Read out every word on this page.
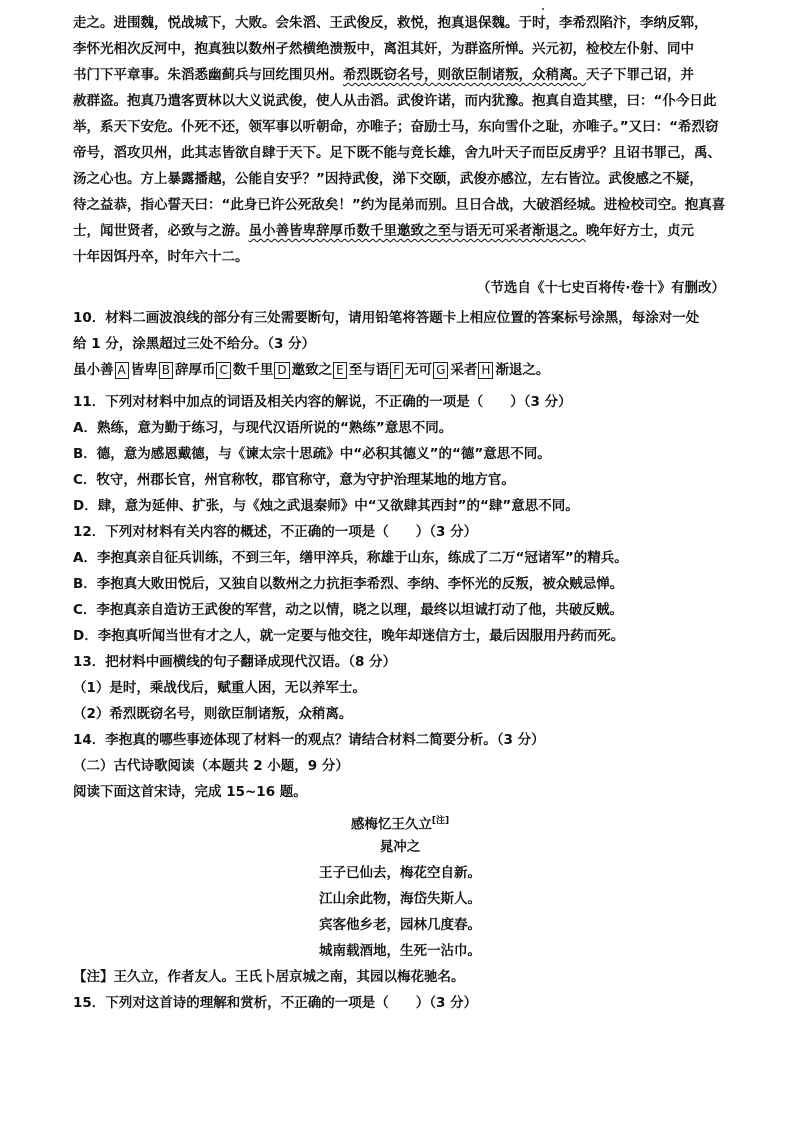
走之。进围魏，悦战城下，大败。会朱滔、王武俊反，救悦，抱真退保魏。于时，李希烈陷汴，李纳反郓，
李怀光相次反河中，抱真独以数州孑然横绝溃叛中，离沮其奸，为群盗所惮。兴元初，检校左仆射、同中
书门下平章事。朱滔悉幽蓟兵与回纥围贝州。希烈既窃名号，则欲臣制诸叛，众稍离。天子下罪己诏，并
赦群盗。抱真乃遣客贾林以大义说武俊，使人从击滔。武俊许诺，而内犹豫。抱真自造其壁，曰：“仆今日此
举，系天下安危。仆死不还，领军事以听朝命，亦唯子；奋励士马，东向雪仆之耻，亦唯子。”又曰：“希烈窃
帝号，滔攻贝州，此其志皆欲自肆于天下。足下既不能与竞长雄，舍九叶天子而臣反虏乎？且诏书罪己，禹、
汤之心也。方上暴露播越，公能自安乎？”因持武俊，涕下交颐，武俊亦感泣，左右皆泣。武俊感之不疑，
待之益恭，指心誓天曰：“此身已许公死敌矣！”约为昆弟而别。旦日合战，大破滔经城。进检校司空。抱真喜
士，闻世贤者，必致与之游。虽小善皆卑辞厚币数千里邀致之至与语无可采者渐退之。晚年好方士，贞元
十年因饵丹卒，时年六十二。
（节选自《十七史百将传·卷十》有删改）
10．材料二画波浪线的部分有三处需要断句，请用铅笔将答题卡上相应位置的答案标号涂黑，每涂对一处
给 1 分，涂黑超过三处不给分。（3 分）
虽小善 A 皆卑 B 辞厚币 C 数千里 D 邀致之 E 至与语 F 无可 G 采者 H 渐退之。
11．下列对材料中加点的词语及相关内容的解说，不正确的一项是（　　）（3 分）
A．熟练，意为勤于练习，与现代汉语所说的“熟练”意思不同。
B．德，意为感恩戴德，与《谏太宗十思疏》中“必积其德义”的“德”意思不同。
C．牧守，州郡长官，州官称牧，郡官称守，意为守护治理某地的地方官。
D．肆，意为延伸、扩张，与《烛之武退秦师》中“又欲肆其西封”的“肆”意思不同。
12．下列对材料有关内容的概述，不正确的一项是（　　）（3 分）
A．李抱真亲自征兵训练，不到三年，缮甲淬兵，称雄于山东，练成了二万“冠诸军”的精兵。
B．李抱真大败田悦后，又独自以数州之力抗拒李希烈、李纳、李怀光的反叛，被众贼忌惮。
C．李抱真亲自造访王武俊的军营，动之以情，晓之以理，最终以坦诚打动了他，共破反贼。
D．李抱真听闻当世有才之人，就一定要与他交往，晚年却迷信方士，最后因服用丹药而死。
13．把材料中画横线的句子翻译成现代汉语。（8 分）
（1）是时，乘战伐后，赋重人困，无以养军士。
（2）希烈既窃名号，则欲臣制诸叛，众稍离。
14．李抱真的哪些事迹体现了材料一的观点？请结合材料二简要分析。（3 分）
（二）古代诗歌阅读（本题共 2 小题，9 分）
阅读下面这首宋诗，完成 15~16 题。
感梅忆王久立[注]
晁冲之
王子已仙去，梅花空自新。
江山余此物，海岱失斯人。
宾客他乡老，园林几度春。
城南载酒地，生死一沾巾。
【注】王久立，作者友人。王氏卜居京城之南，其园以梅花驰名。
15．下列对这首诗的理解和赏析，不正确的一项是（　　）（3 分）
